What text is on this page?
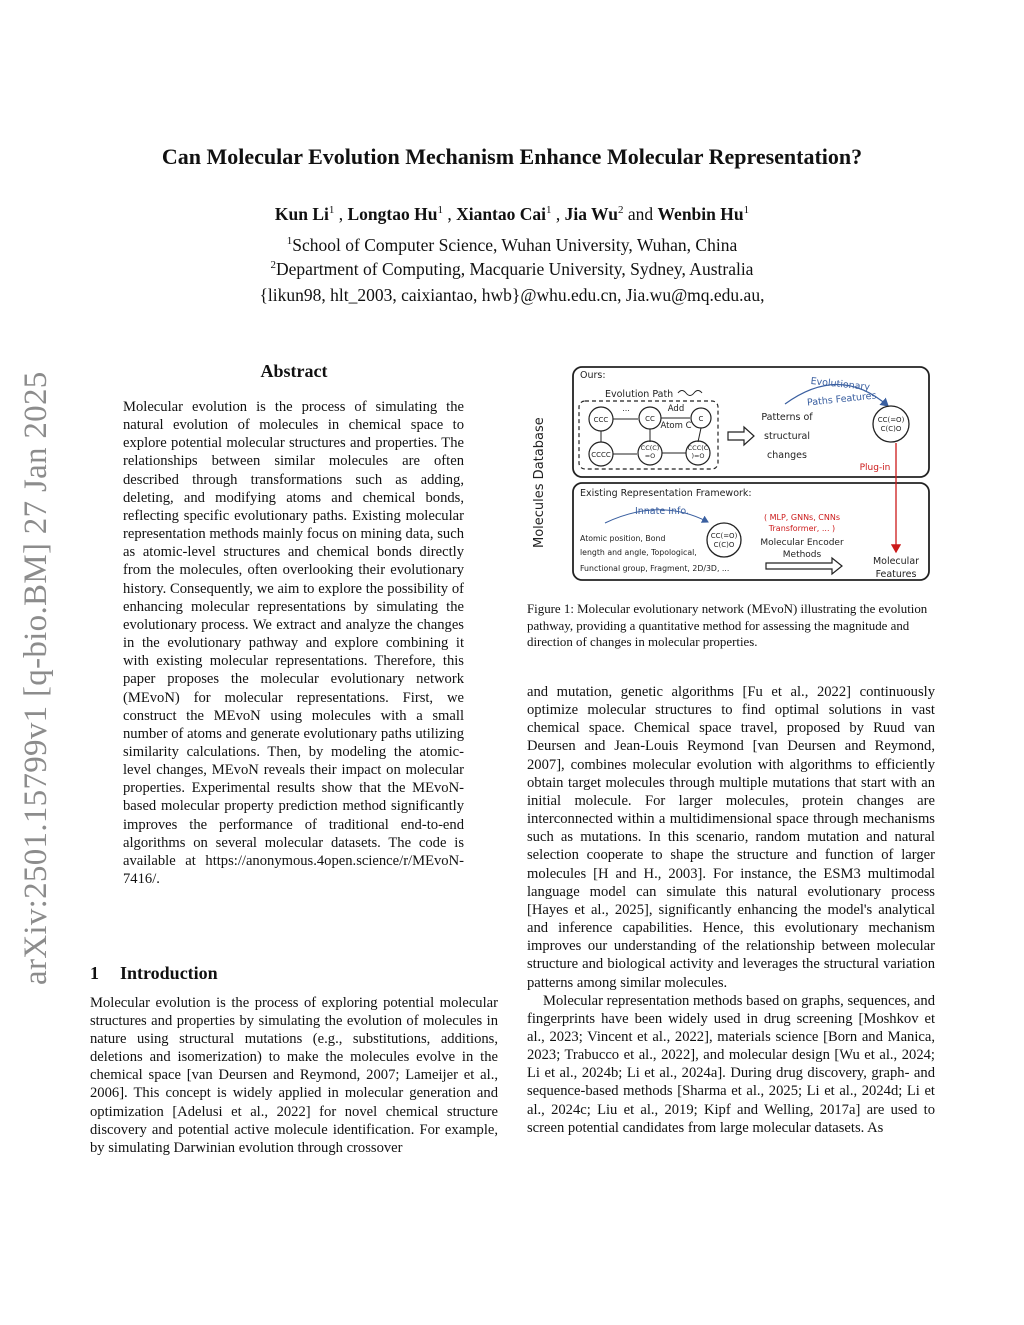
arXiv:2501.15799v1 [q-bio.BM] 27 Jan 2025
Can Molecular Evolution Mechanism Enhance Molecular Representation?
Kun Li$^1$ , Longtao Hu$^1$ , Xiantao Cai$^1$ , Jia Wu$^2$ and Wenbin Hu$^1$
$^1$School of Computer Science, Wuhan University, Wuhan, China
$^2$Department of Computing, Macquarie University, Sydney, Australia
{likun98, hlt_2003, caixiantao, hwb}@whu.edu.cn, Jia.wu@mq.edu.au,
Abstract
Molecular evolution is the process of simulating the natural evolution of molecules in chemical space to explore potential molecular structures and properties. The relationships between similar molecules are often described through transformations such as adding, deleting, and modifying atoms and chemical bonds, reflecting specific evolutionary paths. Existing molecular representation methods mainly focus on mining data, such as atomic-level structures and chemical bonds directly from the molecules, often overlooking their evolutionary history. Consequently, we aim to explore the possibility of enhancing molecular representations by simulating the evolutionary process. We extract and analyze the changes in the evolutionary pathway and explore combining it with existing molecular representations. Therefore, this paper proposes the molecular evolutionary network (MEvoN) for molecular representations. First, we construct the MEvoN using molecules with a small number of atoms and generate evolutionary paths utilizing similarity calculations. Then, by modeling the atomic-level changes, MEvoN reveals their impact on molecular properties. Experimental results show that the MEvoN-based molecular property prediction method significantly improves the performance of traditional end-to-end algorithms on several molecular datasets. The code is available at https://anonymous.4open.science/r/MEvoN-7416/.
1 Introduction
Molecular evolution is the process of exploring potential molecular structures and properties by simulating the evolution of molecules in nature using structural mutations (e.g., substitutions, additions, deletions and isomerization) to make the molecules evolve in the chemical space [van Deursen and Reymond, 2007; Lameijer et al., 2006]. This concept is widely applied in molecular generation and optimization [Adelusi et al., 2022] for novel chemical structure discovery and potential active molecule identification. For example, by simulating Darwinian evolution through crossover
Molecules Database
Ours:
Evolution Path
CCC
...
CC
Add
C
Atom C
CCCC
CC(C)
=O
CCC(C
)=O
Patterns of
structural
changes
Evolutionary
Paths Features
CC(=O)
C(C)O
Plug-in
Existing Representation Framework:
Innate Info.
Atomic position, Bond
length and angle, Topological,
Functional group, Fragment, 2D/3D, ...
CC(=O)
C(C)O
( MLP, GNNs, CNNs
Transformer, ... )
Molecular Encoder
Methods
Molecular
Features
Figure 1: Molecular evolutionary network (MEvoN) illustrating the evolution pathway, providing a quantitative method for assessing the magnitude and direction of changes in molecular properties.

and mutation, genetic algorithms [Fu et al., 2022] continuously optimize molecular structures to find optimal solutions in vast chemical space. Chemical space travel, proposed by Ruud van Deursen and Jean-Louis Reymond [van Deursen and Reymond, 2007], combines molecular evolution with algorithms to efficiently obtain target molecules through multiple mutations that start with an initial molecule. For larger molecules, protein changes are interconnected within a multidimensional space through mechanisms such as mutations. In this scenario, random mutation and natural selection cooperate to shape the structure and function of larger molecules [H and H., 2003]. For instance, the ESM3 multimodal language model can simulate this natural evolutionary process [Hayes et al., 2025], significantly enhancing the model's analytical and inference capabilities. Hence, this evolutionary mechanism improves our understanding of the relationship between molecular structure and biological activity and leverages the structural variation patterns among similar molecules.

Molecular representation methods based on graphs, sequences, and fingerprints have been widely used in drug screening [Moshkov et al., 2023; Vincent et al., 2022], materials science [Born and Manica, 2023; Trabucco et al., 2022], and molecular design [Wu et al., 2024; Li et al., 2024b; Li et al., 2024a]. During drug discovery, graph- and sequence-based methods [Sharma et al., 2025; Li et al., 2024d; Li et al., 2024c; Liu et al., 2019; Kipf and Welling, 2017a] are used to screen potential candidates from large molecular datasets. As
